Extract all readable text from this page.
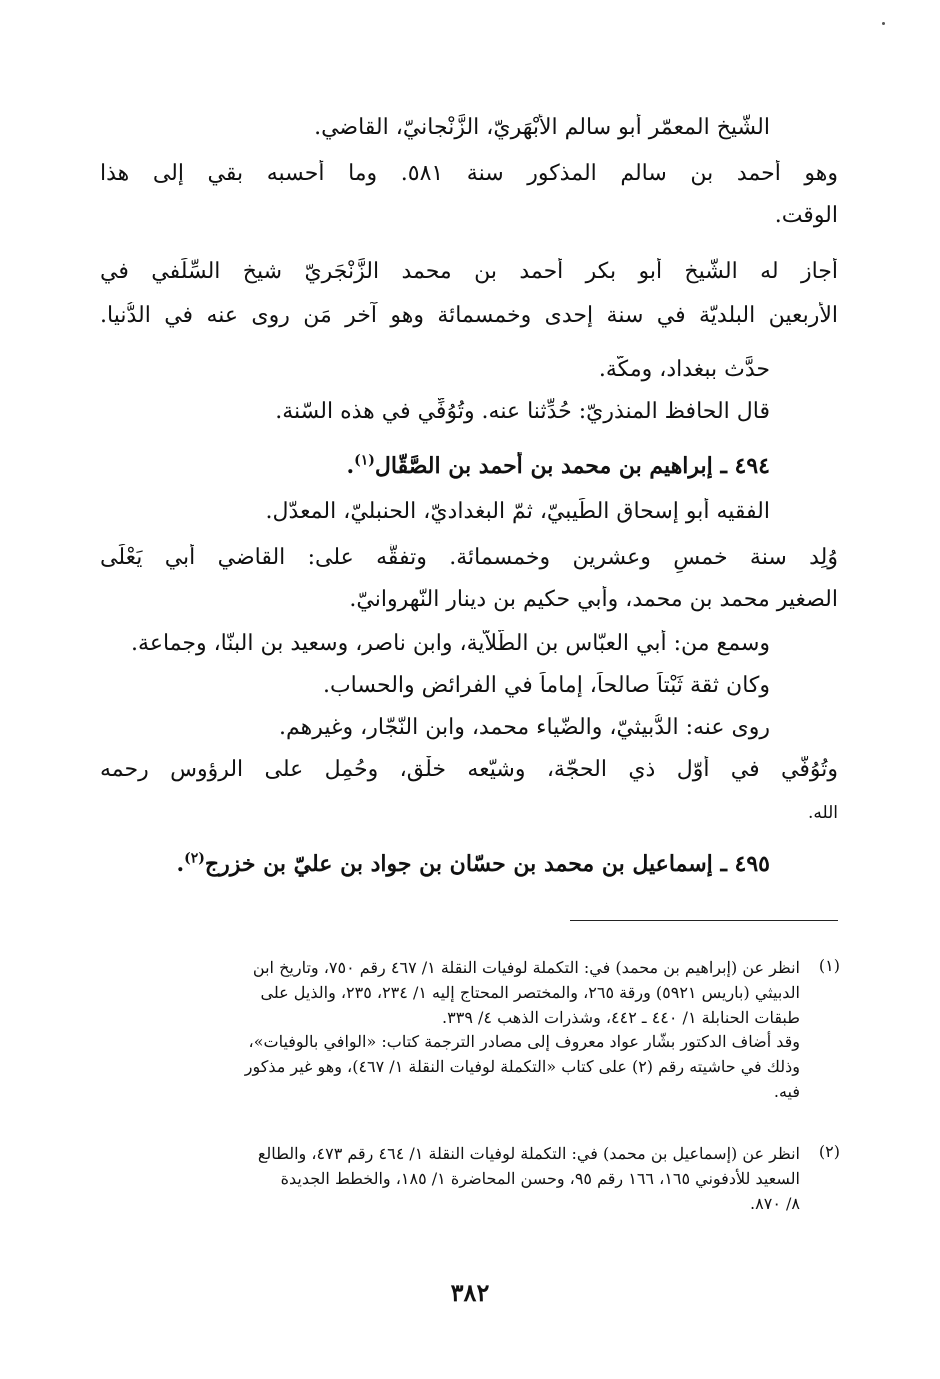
الشّيخ المعمّر أبو سالم الأَبْهَريّ، الزَّنْجانيّ، القاضي.
وهو أحمد بن سالم المذكور سنة ٥٨١. وما أحسبه بقي إلى هذا
الوقت.
أجاز له الشّيخ أبو بكر أحمد بن محمد الزَّنْجَريّ شيخ السِّلَفي في
الأربعين البلديّة في سنة إحدى وخمسمائة وهو آخر مَن روى عنه في الدُّنيا.
حدَّث ببغداد، ومكّة.
قال الحافظ المنذريّ: حُدِّثنا عنه. وتُوُفِّي في هذه السّنة.
٤٩٤ ـ إبراهيم بن محمد بن أحمد بن الصَّقّال$^{(١)}$.
الفقيه أبو إسحاق الطِّيبيّ، ثمّ البغداديّ، الحنبليّ، المعدّل.
وُلِد سنة خمسٍ وعشرين وخمسمائة. وتفقَّه على: القاضي أبي يَعْلَى
الصغير محمد بن محمد، وأبي حكيم بن دينار النّهروانيّ.
وسمع من: أبي العبّاس بن الطّلاّية، وابن ناصر، وسعيد بن البنّا، وجماعة.
وكان ثقة ثَبْتاً صالحاً، إماماً في الفرائض والحساب.
روى عنه: الدُّبيثيّ، والضّياء محمد، وابن النّجّار، وغيرهم.
وتُوُفّي في أوّل ذي الحجّة، وشيّعه خلْق، وحُمِل على الرؤوس رحمه
الله.
٤٩٥ ـ إسماعيل بن محمد بن حسّان بن جواد بن عليّ بن خزرج$^{(٢)}$.
(١)
انظر عن (إبراهيم بن محمد) في: التكملة لوفيات النقلة ١/ ٤٦٧ رقم ٧٥٠، وتاريخ ابن
الدبيثي (باريس ٥٩٢١) ورقة ٢٦٥، والمختصر المحتاج إليه ١/ ٢٣٤، ٢٣٥، والذيل على
طبقات الحنابلة ١/ ٤٤٠ ـ ٤٤٢، وشذرات الذهب ٤/ ٣٣٩.
وقد أضاف الدكتور بشّار عواد معروف إلى مصادر الترجمة كتاب: «الوافي بالوفيات»،
وذلك في حاشيته رقم (٢) على كتاب «التكملة لوفيات النقلة ١/ ٤٦٧)، وهو غير مذكور
فيه.
(٢)
انظر عن (إسماعيل بن محمد) في: التكملة لوفيات النقلة ١/ ٤٦٤ رقم ٤٧٣، والطالع
السعيد للأدفوني ١٦٥، ١٦٦ رقم ٩٥، وحسن المحاضرة ١/ ١٨٥، والخطط الجديدة
٨/ ٨٧٠.
٣٨٢
